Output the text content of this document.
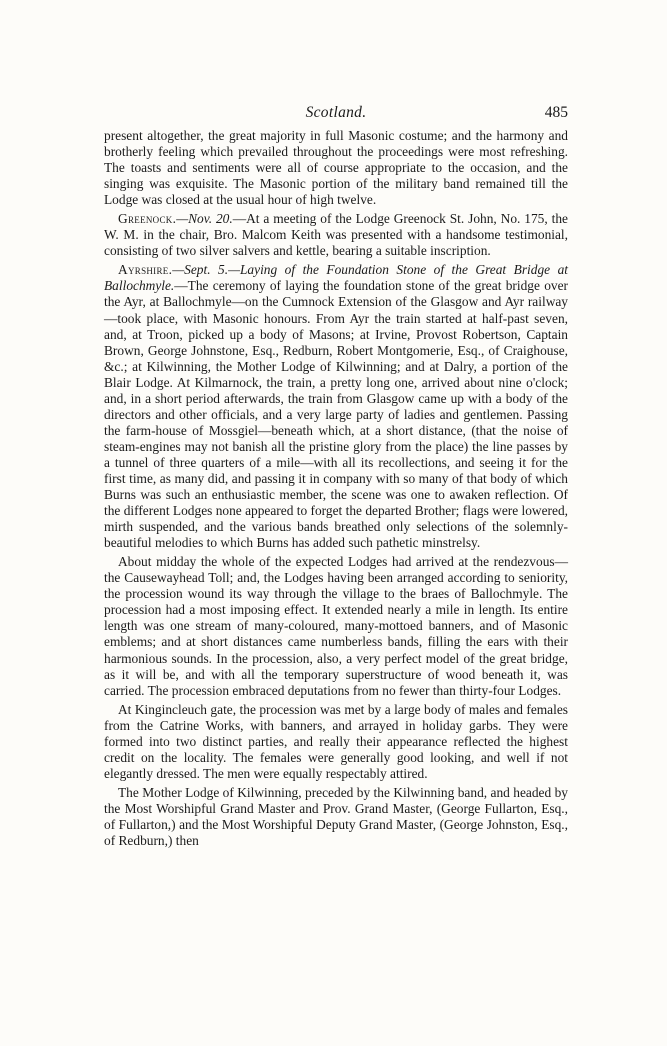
Scotland.	485

present altogether, the great majority in full Masonic costume; and the harmony and brotherly feeling which prevailed throughout the proceedings were most refreshing. The toasts and sentiments were all of course appropriate to the occasion, and the singing was exquisite. The Masonic portion of the military band remained till the Lodge was closed at the usual hour of high twelve.

Greenock.—Nov. 20.—At a meeting of the Lodge Greenock St. John, No. 175, the W. M. in the chair, Bro. Malcom Keith was presented with a handsome testimonial, consisting of two silver salvers and kettle, bearing a suitable inscription.

Ayrshire.—Sept. 5.—Laying of the Foundation Stone of the Great Bridge at Ballochmyle.—The ceremony of laying the foundation stone of the great bridge over the Ayr, at Ballochmyle—on the Cumnock Extension of the Glasgow and Ayr railway—took place, with Masonic honours. From Ayr the train started at half-past seven, and, at Troon, picked up a body of Masons; at Irvine, Provost Robertson, Captain Brown, George Johnstone, Esq., Redburn, Robert Montgomerie, Esq., of Craighouse, &c.; at Kilwinning, the Mother Lodge of Kilwinning; and at Dalry, a portion of the Blair Lodge. At Kilmarnock, the train, a pretty long one, arrived about nine o'clock; and, in a short period afterwards, the train from Glasgow came up with a body of the directors and other officials, and a very large party of ladies and gentlemen. Passing the farm-house of Mossgiel—beneath which, at a short distance, (that the noise of steam-engines may not banish all the pristine glory from the place) the line passes by a tunnel of three quarters of a mile—with all its recollections, and seeing it for the first time, as many did, and passing it in company with so many of that body of which Burns was such an enthusiastic member, the scene was one to awaken reflection. Of the different Lodges none appeared to forget the departed Brother; flags were lowered, mirth suspended, and the various bands breathed only selections of the solemnly-beautiful melodies to which Burns has added such pathetic minstrelsy.

About midday the whole of the expected Lodges had arrived at the rendezvous—the Causewayhead Toll; and, the Lodges having been arranged according to seniority, the procession wound its way through the village to the braes of Ballochmyle. The procession had a most imposing effect. It extended nearly a mile in length. Its entire length was one stream of many-coloured, many-mottoed banners, and of Masonic emblems; and at short distances came numberless bands, filling the ears with their harmonious sounds. In the procession, also, a very perfect model of the great bridge, as it will be, and with all the temporary superstructure of wood beneath it, was carried. The procession embraced deputations from no fewer than thirty-four Lodges.

At Kingincleuch gate, the procession was met by a large body of males and females from the Catrine Works, with banners, and arrayed in holiday garbs. They were formed into two distinct parties, and really their appearance reflected the highest credit on the locality. The females were generally good looking, and well if not elegantly dressed. The men were equally respectably attired.

The Mother Lodge of Kilwinning, preceded by the Kilwinning band, and headed by the Most Worshipful Grand Master and Prov. Grand Master, (George Fullarton, Esq., of Fullarton,) and the Most Worshipful Deputy Grand Master, (George Johnston, Esq., of Redburn,) then
